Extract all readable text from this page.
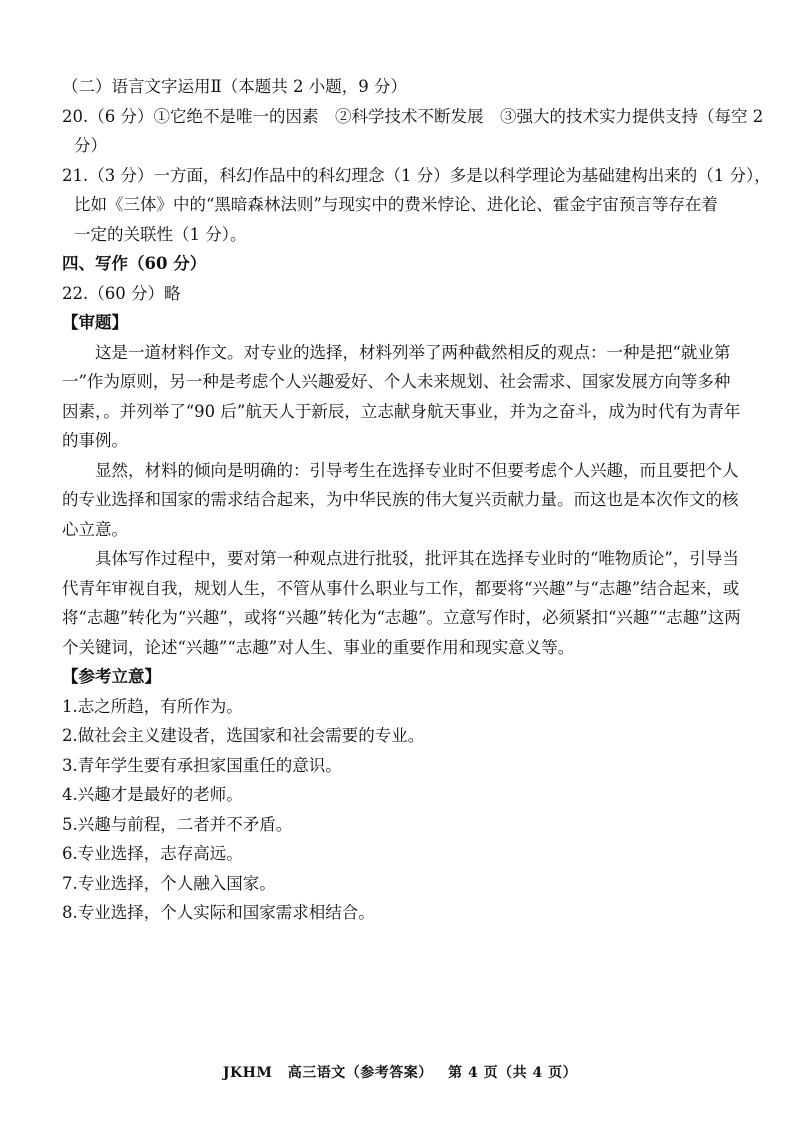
（二）语言文字运用Ⅱ（本题共 2 小题，9 分）
20.（6 分）①它绝不是唯一的因素　②科学技术不断发展　③强大的技术实力提供支持（每空 2
分）
21.（3 分）一方面，科幻作品中的科幻理念（1 分）多是以科学理论为基础建构出来的（1 分），
比如《三体》中的“黑暗森林法则”与现实中的费米悖论、进化论、霍金宇宙预言等存在着
一定的关联性（1 分）。
四、写作（60 分）
22.（60 分）略
【审题】
这是一道材料作文。对专业的选择，材料列举了两种截然相反的观点：一种是把“就业第一”作为原则，另一种是考虑个人兴趣爱好、个人未来规划、社会需求、国家发展方向等多种因素，。并列举了“90 后”航天人于新辰，立志献身航天事业，并为之奋斗，成为时代有为青年的事例。
显然，材料的倾向是明确的：引导考生在选择专业时不但要考虑个人兴趣，而且要把个人的专业选择和国家的需求结合起来，为中华民族的伟大复兴贡献力量。而这也是本次作文的核心立意。
具体写作过程中，要对第一种观点进行批驳，批评其在选择专业时的“唯物质论”，引导当代青年审视自我，规划人生，不管从事什么职业与工作，都要将“兴趣”与“志趣”结合起来，或将“志趣”转化为“兴趣”，或将“兴趣”转化为“志趣”。立意写作时，必须紧扣“兴趣”“志趣”这两个关键词，论述“兴趣”“志趣”对人生、事业的重要作用和现实意义等。
【参考立意】
1.志之所趋，有所作为。
2.做社会主义建设者，选国家和社会需要的专业。
3.青年学生要有承担家国重任的意识。
4.兴趣才是最好的老师。
5.兴趣与前程，二者并不矛盾。
6.专业选择，志存高远。
7.专业选择，个人融入国家。
8.专业选择，个人实际和国家需求相结合。
JKHM 高三语文（参考答案） 第 4 页（共 4 页）
